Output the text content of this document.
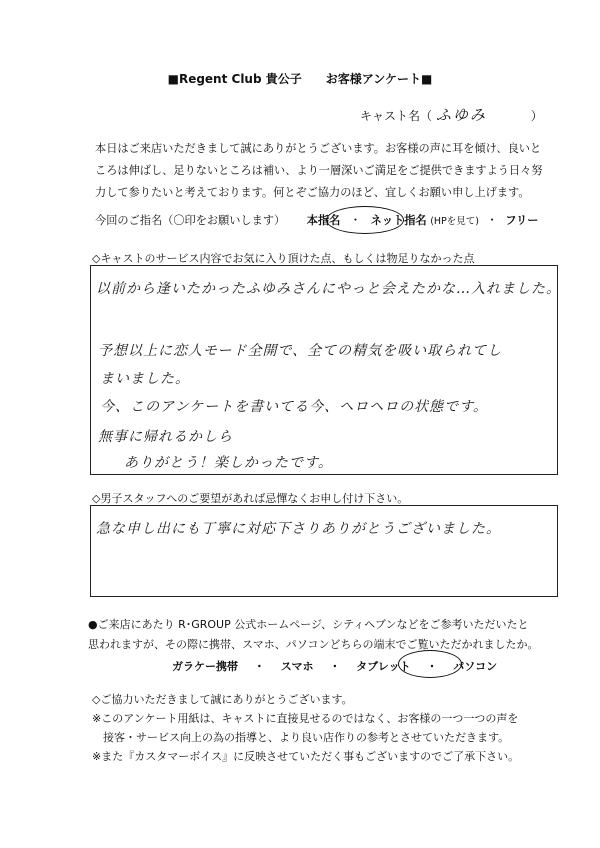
■Regent Club 貴公子　　お客様アンケート■
キャスト名（ ふゆみ	）
本日はご来店いただきまして誠にありがとうございます。お客様の声に耳を傾け、良いと
ころは伸ばし、足りないところは補い、より一層深いご満足をご提供できますよう日々努
力して参りたいと考えております。何とぞご協力のほど、宜しくお願い申し上げます。
今回のご指名（〇印をお願いします） 本指名 ・ ネット指名 (HPを見て) ・ フリー
◇キャストのサービス内容でお気に入り頂けた点、もしくは物足りなかった点
以前から逢いたかったふゆみさんにやっと会えたかな…入れました。
予想以上に恋人モード全開で、全ての精気を吸い取られてし
まいました。
今、このアンケートを書いてる今、ヘロヘロの状態です。
無事に帰れるかしら
ありがとう！楽しかったです。
◇男子スタッフへのご要望があれば忌憚なくお申し付け下さい。
急な申し出にも丁寧に対応下さりありがとうございました。
●ご来店にあたり R･GROUP 公式ホームページ、シティヘブンなどをご参考いただいたと
思われますが、その際に携帯、スマホ、パソコンどちらの端末でご覧いただかれましたか。
ガラケー携帯 ・ スマホ ・ タブレット ・ パソコン
◇ご協力いただきまして誠にありがとうございます。
※このアンケート用紙は、キャストに直接見せるのではなく、お客様の一つ一つの声を
　接客・サービス向上の為の指導と、より良い店作りの参考とさせていただきます。
※また『カスタマーボイス』に反映させていただく事もございますのでご了承下さい。
